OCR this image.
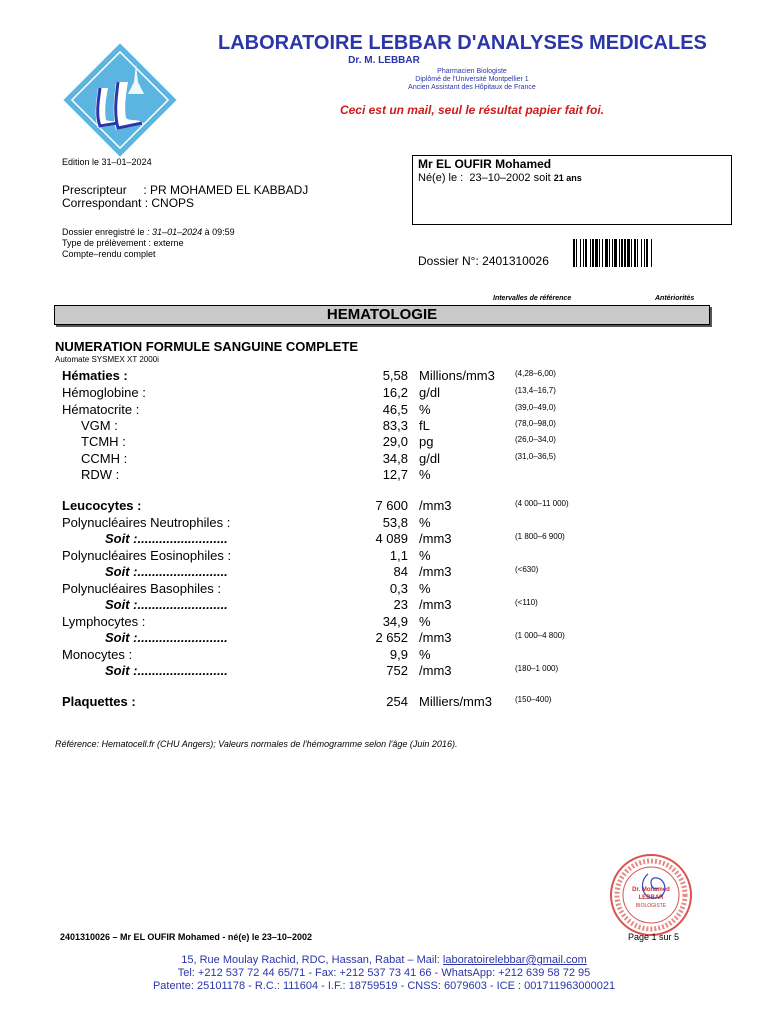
LABORATOIRE LEBBAR D'ANALYSES MEDICALES
Dr. M. LEBBAR
Pharmacien Biologiste
Diplômé de l'Université Montpellier 1
Ancien Assistant des Hôpitaux de France
Ceci est un mail, seul le résultat papier fait foi.
Edition le 31–01–2024
Prescripteur     : PR MOHAMED EL KABBADJ
Correspondant : CNOPS
Dossier enregistré le : 31–01–2024 à 09:59
Type de prélèvement : externe
Compte–rendu complet
Mr EL OUFIR Mohamed
Né(e) le :  23–10–2002 soit 21 ans
Dossier N°: 2401310026
Intervalles de référence	Antériorités
HEMATOLOGIE
NUMERATION FORMULE SANGUINE COMPLETE
Automate SYSMEX XT 2000i
Hématies :	5,58 Millions/mm3	(4,28–6,00)
Hémoglobine :	16,2 g/dl	(13,4–16,7)
Hématocrite :	46,5 %	(39,0–49,0)
VGM :	83,3 fL	(78,0–98,0)
TCMH :	29,0 pg	(26,0–34,0)
CCMH :	34,8 g/dl	(31,0–36,5)
RDW :	12,7 %
Leucocytes :	7 600 /mm3	(4 000–11 000)
Polynucléaires Neutrophiles :	53,8 %
Soit :.........................	4 089 /mm3	(1 800–6 900)
Polynucléaires Eosinophiles :	1,1 %
Soit :.........................	84 /mm3	(<630)
Polynucléaires Basophiles :	0,3 %
Soit :.........................	23 /mm3	(<110)
Lymphocytes :	34,9 %
Soit :.........................	2 652 /mm3	(1 000–4 800)
Monocytes :	9,9 %
Soit :.........................	752 /mm3	(180–1 000)
Plaquettes :	254 Milliers/mm3	(150–400)
Référence: Hematocell.fr (CHU Angers); Valeurs normales de l'hémogramme selon l'âge (Juin 2016).
Dr. Mohamed
LEBBAR
BIOLOGISTE
2401310026 – Mr EL OUFIR Mohamed - né(e) le 23–10–2002	Page 1 sur 5
15, Rue Moulay Rachid, RDC, Hassan, Rabat – Mail: laboratoirelebbar@gmail.com
Tel: +212 537 72 44 65/71 - Fax: +212 537 73 41 66 - WhatsApp: +212 639 58 72 95
Patente: 25101178 - R.C.: 111604 - I.F.: 18759519 - CNSS: 6079603 - ICE : 001711963000021
